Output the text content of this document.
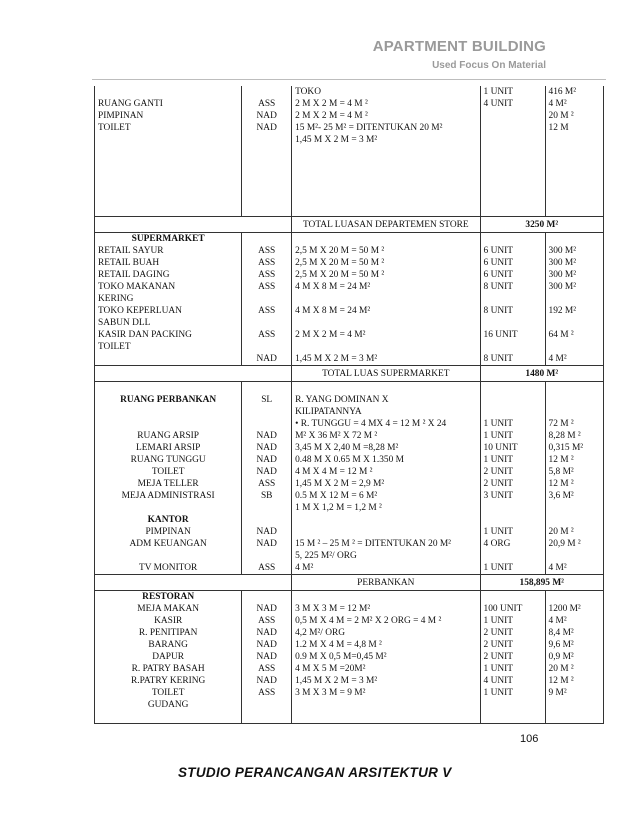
APARTMENT BUILDING
Used Focus On Material
		TOKO	1 UNIT	416 M²
RUANG GANTI	ASS	2 M X 2 M = 4 M ²	4 UNIT	4 M²
PIMPINAN	NAD	2 M X 2 M = 4 M ²		20 M ²
TOILET	NAD	15 M²- 25 M² = DITENTUKAN 20 M²		12 M
		1,45 M X 2 M = 3 M²		
		TOTAL LUASAN DEPARTEMEN STORE	3250 M²	
SUPERMARKET				
RETAIL SAYUR	ASS	2,5 M X 20 M = 50 M ²	6 UNIT	300 M²
RETAIL BUAH	ASS	2,5 M X 20 M = 50 M ²	6 UNIT	300 M²
RETAIL DAGING	ASS	2,5 M X 20 M = 50 M ²	6 UNIT	300 M²
TOKO MAKANAN	ASS	4 M X 8 M = 24 M²	8 UNIT	300 M²
KERING				
TOKO KEPERLUAN	ASS	4 M X 8 M = 24 M²	8 UNIT	192 M²
SABUN DLL				
KASIR DAN PACKING	ASS	2 M X 2 M = 4 M²	16 UNIT	64 M ²
TOILET				
	NAD	1,45 M X 2 M = 3 M²	8 UNIT	4 M²
		TOTAL LUAS SUPERMARKET	1480 M²	

RUANG PERBANKAN	SL	R. YANG DOMINAN X		
		KILIPATANNYA		
		• R. TUNGGU = 4 MX 4 = 12 M ² X 24	1 UNIT	72 M ²
RUANG ARSIP	NAD	M² X 36 M² X 72 M ²	1 UNIT	8,28 M ²
LEMARI ARSIP	NAD	3,45 M X 2,40 M =8,28 M²	10 UNIT	0,315 M²
RUANG TUNGGU	NAD	0.48 M X 0.65 M X 1.350 M	1 UNIT	12 M ²
TOILET	NAD	4 M X 4 M = 12 M ²	2 UNIT	5,8 M²
MEJA TELLER	ASS	1,45 M X 2 M = 2,9 M²	2 UNIT	12 M ²
MEJA ADMINISTRASI	SB	0.5 M X 12 M = 6 M²	3 UNIT	3,6 M²
		1 M X 1,2 M = 1,2 M ²		
KANTOR				
PIMPINAN	NAD		1 UNIT	20 M ²
ADM KEUANGAN	NAD	15 M ² – 25 M ² = DITENTUKAN 20 M²	4 ORG	20,9 M ²
		5, 225 M²/ ORG		
TV MONITOR	ASS	4 M²	1 UNIT	4 M²
		PERBANKAN	158,895 M²	
RESTORAN				
MEJA MAKAN	NAD	3 M X 3 M = 12 M²	100 UNIT	1200 M²
KASIR	ASS	0,5 M X 4 M = 2 M² X 2 ORG = 4 M ²	1 UNIT	4 M²
R. PENITIPAN	NAD	4,2 M²/ ORG	2 UNIT	8,4 M²
BARANG	NAD	1.2 M X 4 M = 4,8 M ²	2 UNIT	9,6 M²
DAPUR	NAD	0.9 M X 0,5 M=0,45 M²	2 UNIT	0,9 M²
R. PATRY BASAH	ASS	4 M X 5 M =20M²	1 UNIT	20 M ²
R.PATRY KERING	NAD	1,45 M X 2 M = 3 M²	4 UNIT	12 M ²
TOILET	ASS	3 M X 3 M = 9 M²	1 UNIT	9 M²
GUDANG				

106
STUDIO PERANCANGAN ARSITEKTUR V
